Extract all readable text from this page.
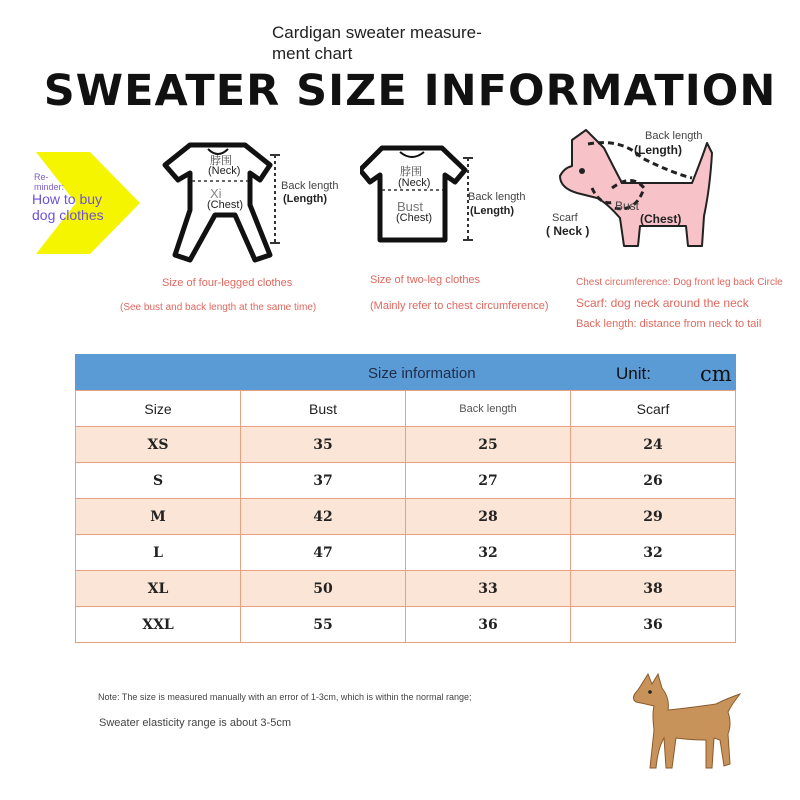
Cardigan sweater measure-
ment chart
SWEATER SIZE INFORMATION
Re-
minder:
How to buy dog clothes
脖围
(Neck)
Xi
(Chest)
Back length
(Length)
Size of four-legged clothes
(See bust and back length at the same time)
脖围
(Neck)
Bust
(Chest)
Back length
(Length)
Size of two-leg clothes
(Mainly refer to chest circumference)
Back length
(Length)
Bust
(Chest)
Scarf
( Neck )
Chest circumference: Dog front leg back Circle
Scarf: dog neck around the neck
Back length: distance from neck to tail
Size information	Unit: cm
Size	Bust	Back length	Scarf
XS	35	25	24
S	37	27	26
M	42	28	29
L	47	32	32
XL	50	33	38
XXL	55	36	36
Note: The size is measured manually with an error of 1-3cm, which is within the normal range;
Sweater elasticity range is about 3-5cm
